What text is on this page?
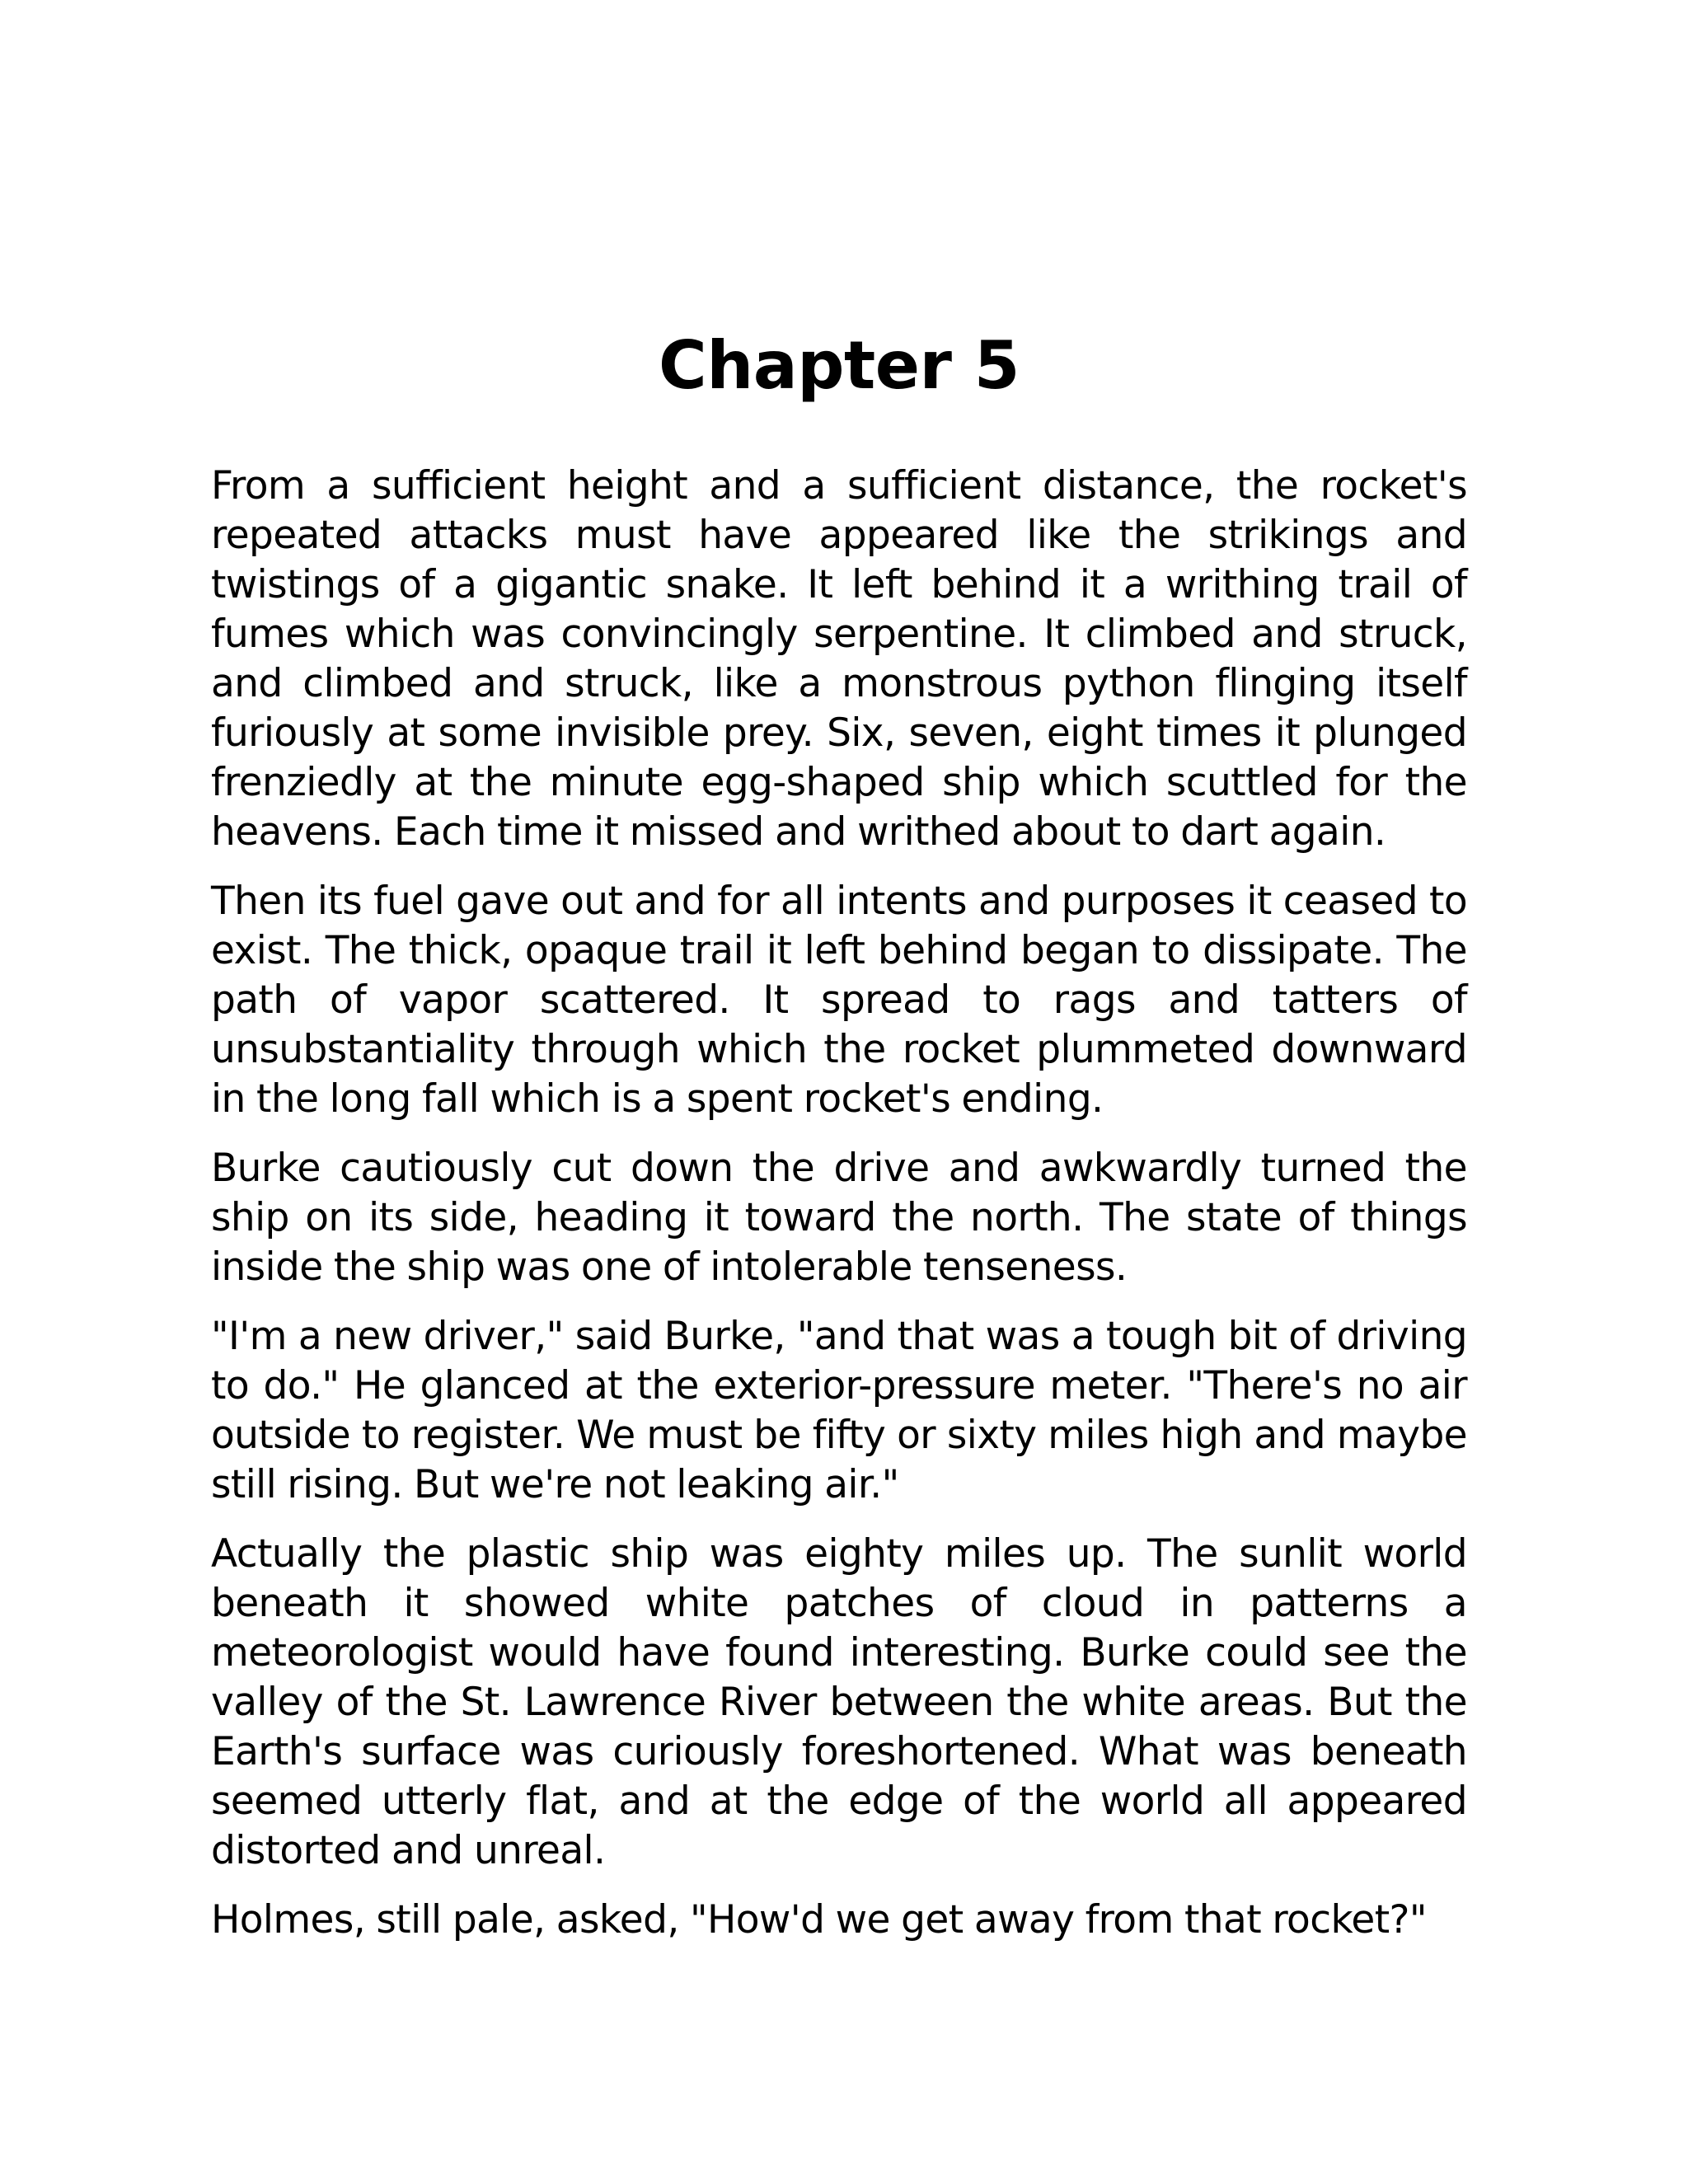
Chapter 5

From a sufficient height and a sufficient distance, the rocket's repeated attacks must have appeared like the strikings and twistings of a gigantic snake. It left behind it a writhing trail of fumes which was convincingly serpentine. It climbed and struck, and climbed and struck, like a monstrous python flinging itself furiously at some invisible prey. Six, seven, eight times it plunged frenziedly at the minute egg-shaped ship which scuttled for the heavens. Each time it missed and writhed about to dart again.

Then its fuel gave out and for all intents and purposes it ceased to exist. The thick, opaque trail it left behind began to dissipate. The path of vapor scattered. It spread to rags and tatters of unsubstantiality through which the rocket plummeted downward in the long fall which is a spent rocket's ending.

Burke cautiously cut down the drive and awkwardly turned the ship on its side, heading it toward the north. The state of things inside the ship was one of intolerable tenseness.

"I'm a new driver," said Burke, "and that was a tough bit of driving to do." He glanced at the exterior-pressure meter. "There's no air outside to register. We must be fifty or sixty miles high and maybe still rising. But we're not leaking air."

Actually the plastic ship was eighty miles up. The sunlit world beneath it showed white patches of cloud in patterns a meteorologist would have found interesting. Burke could see the valley of the St. Lawrence River between the white areas. But the Earth's surface was curiously foreshortened. What was beneath seemed utterly flat, and at the edge of the world all appeared distorted and unreal.

Holmes, still pale, asked, "How'd we get away from that rocket?"
